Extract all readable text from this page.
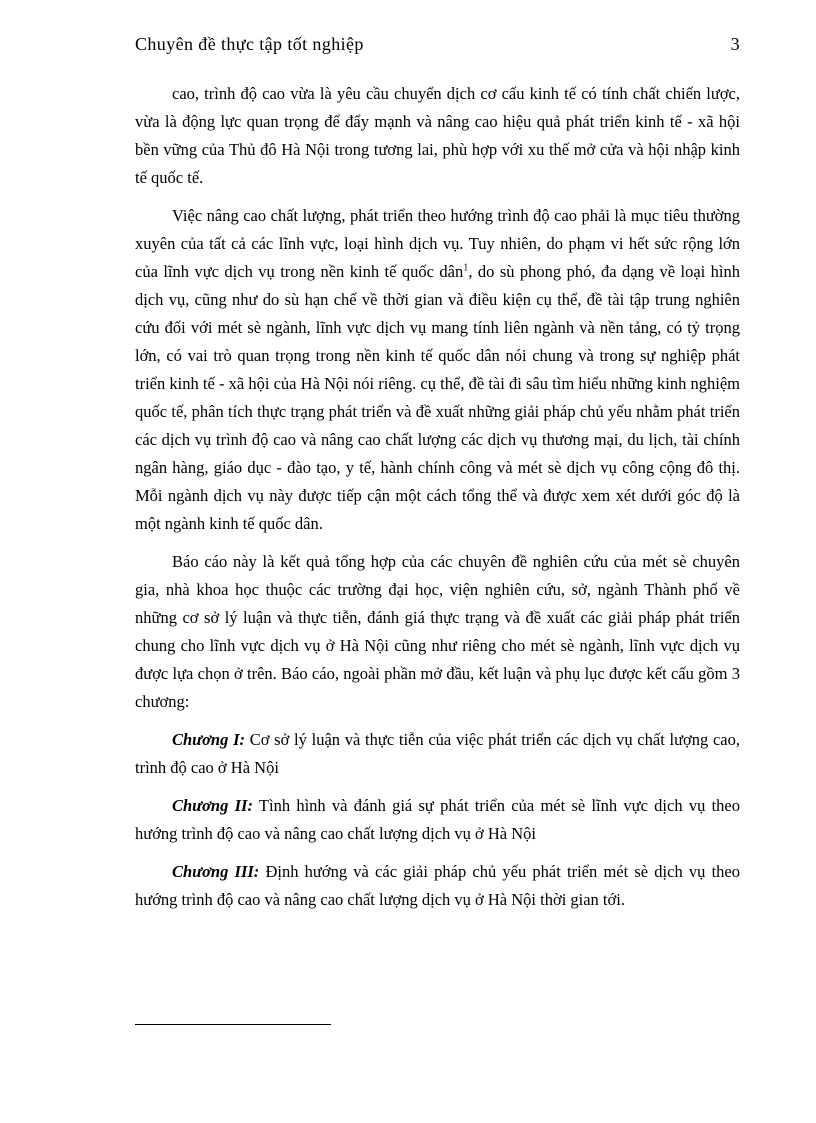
Chuyên đề thực tập tốt nghiệp	3

cao, trình độ cao vừa là yêu cầu chuyển dịch cơ cấu kinh tế có tính chất chiến lược, vừa là động lực quan trọng để đẩy mạnh và nâng cao hiệu quả phát triển kinh tế - xã hội bền vững của Thủ đô Hà Nội trong tương lai, phù hợp với xu thế mở cửa và hội nhập kinh tế quốc tế.

Việc nâng cao chất lượng, phát triển theo hướng trình độ cao phải là mục tiêu thường xuyên của tất cả các lĩnh vực, loại hình dịch vụ. Tuy nhiên, do phạm vi hết sức rộng lớn của lĩnh vực dịch vụ trong nền kinh tế quốc dân$^1$, do sù phong phó, đa dạng về loại hình dịch vụ, cũng như do sù hạn chế về thời gian và điều kiện cụ thể, đề tài tập trung nghiên cứu đối với mét sè ngành, lĩnh vực dịch vụ mang tính liên ngành và nền tảng, có tỷ trọng lớn, có vai trò quan trọng trong nền kinh tế quốc dân nói chung và trong sự nghiệp phát triển kinh tế - xã hội của Hà Nội nói riêng. cụ thể, đề tài đi sâu tìm hiểu những kinh nghiệm quốc tế, phân tích thực trạng phát triển và đề xuất những giải pháp chủ yếu nhằm phát triển các dịch vụ trình độ cao và nâng cao chất lượng các dịch vụ thương mại, du lịch, tài chính ngân hàng, giáo dục - đào tạo, y tế, hành chính công và mét sè dịch vụ công cộng đô thị. Mỗi ngành dịch vụ này được tiếp cận một cách tổng thể và được xem xét dưới góc độ là một ngành kinh tế quốc dân.

Báo cáo này là kết quả tổng hợp của các chuyên đề nghiên cứu của mét sè chuyên gia, nhà khoa học thuộc các trường đại học, viện nghiên cứu, sở, ngành Thành phố về những cơ sở lý luận và thực tiễn, đánh giá thực trạng và đề xuất các giải pháp phát triển chung cho lĩnh vực dịch vụ ở Hà Nội cũng như riêng cho mét sè ngành, lĩnh vực dịch vụ được lựa chọn ở trên. Báo cáo, ngoài phần mở đầu, kết luận và phụ lục được kết cấu gồm 3 chương:

Chương I: Cơ sở lý luận và thực tiễn của việc phát triển các dịch vụ chất lượng cao, trình độ cao ở Hà Nội

Chương II: Tình hình và đánh giá sự phát triển của mét sè lĩnh vực dịch vụ theo hướng trình độ cao và nâng cao chất lượng dịch vụ ở Hà Nội

Chương III: Định hướng và các giải pháp chủ yếu phát triển mét sè dịch vụ theo hướng trình độ cao và nâng cao chất lượng dịch vụ ở Hà Nội thời gian tới.
